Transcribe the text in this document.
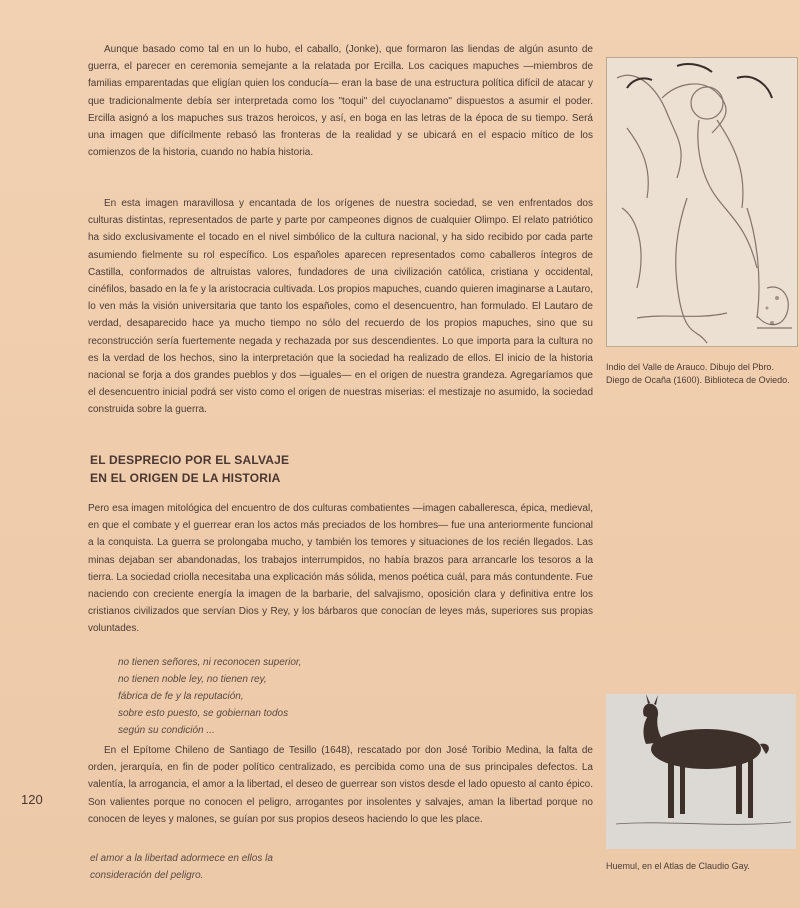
Aunque basado como tal en un lo hubo, el caballo, (Jonke), que formaron las liendas de algún asunto de guerra, el parecer en ceremonia semejante a la relatada por Ercilla. Los caciques mapuches —miembros de familias emparentadas que eligían quien los conducía— eran la base de una estructura política difícil de atacar y que tradicionalmente debía ser interpretada como los "toqui" del cuyoclanamo" dispuestos a asumir el poder. Ercilla asignó a los mapuches sus trazos heroicos, y así, en boga en las letras de la época de su tiempo. Será una imagen que difícilmente rebasó las fronteras de la realidad y se ubicará en el espacio mítico de los comienzos de la historia, cuando no había historia.

En esta imagen maravillosa y encantada de los orígenes de nuestra sociedad, se ven enfrentados dos culturas distintas, representados de parte y parte por campeones dignos de cualquier Olimpo. El relato patriótico ha sido exclusivamente el tocado en el nivel simbólico de la cultura nacional, y ha sido recibido por cada parte asumiendo fielmente su rol específico. Los españoles aparecen representados como caballeros íntegros de Castilla, conformados de altruistas valores, fundadores de una civilización católica, cristiana y occidental, cinéfilos, basado en la fe y la aristocracia cultivada. Los propios mapuches, cuando quieren imaginarse a Lautaro, lo ven más la visión universitaria que tanto los españoles, como el desencuentro, han formulado. El Lautaro de verdad, desaparecido hace ya mucho tiempo no sólo del recuerdo de los propios mapuches, sino que su reconstrucción sería fuertemente negada y rechazada por sus descendientes. Lo que importa para la cultura no es la verdad de los hechos, sino la interpretación que la sociedad ha realizado de ellos. El inicio de la historia nacional se forja a dos grandes pueblos y dos —iguales— en el origen de nuestra grandeza. Agregaríamos que el desencuentro inicial podrá ser visto como el origen de nuestras miserias: el mestizaje no asumido, la sociedad construida sobre la guerra.

EL DESPRECIO POR EL SALVAJE
EN EL ORIGEN DE LA HISTORIA

Pero esa imagen mitológica del encuentro de dos culturas combatientes —imagen caballeresca, épica, medieval, en que el combate y el guerrear eran los actos más preciados de los hombres— fue una anteriormente funcional a la conquista. La guerra se prolongaba mucho, y también los temores y situaciones de los recién llegados. Las minas dejaban ser abandonadas, los trabajos interrumpidos, no había brazos para arrancarle los tesoros a la tierra. La sociedad criolla necesitaba una explicación más sólida, menos poética cuál, para más contundente. Fue naciendo con creciente energía la imagen de la barbarie, del salvajismo, oposición clara y definitiva entre los cristianos civilizados que servían Dios y Rey, y los bárbaros que conocían de leyes más, superiores sus propias voluntades.

no tienen señores, ni reconocen superior,
no tienen noble ley, no tienen rey,
fábrica de fe y la reputación,
sobre esto puesto, se gobiernan todos
según su condición ...

En el Epítome Chileno de Santiago de Tesillo (1648), rescatado por don José Toribio Medina, la falta de orden, jerarquía, en fin de poder político centralizado, es percibida como una de sus principales defectos. La valentía, la arrogancia, el amor a la libertad, el deseo de guerrear son vistos desde el lado opuesto al canto épico. Son valientes porque no conocen el peligro, arrogantes por insolentes y salvajes, aman la libertad porque no conocen de leyes y malones, se guían por sus propios deseos haciendo lo que les place.

el amor a la libertad adormece en ellos la
consideración del peligro.
120
Indio del Valle de Arauco. Dibujo del Pbro. Diego de Ocaña (1600). Biblioteca de Oviedo.
Huemul, en el Atlas de Claudio Gay.
